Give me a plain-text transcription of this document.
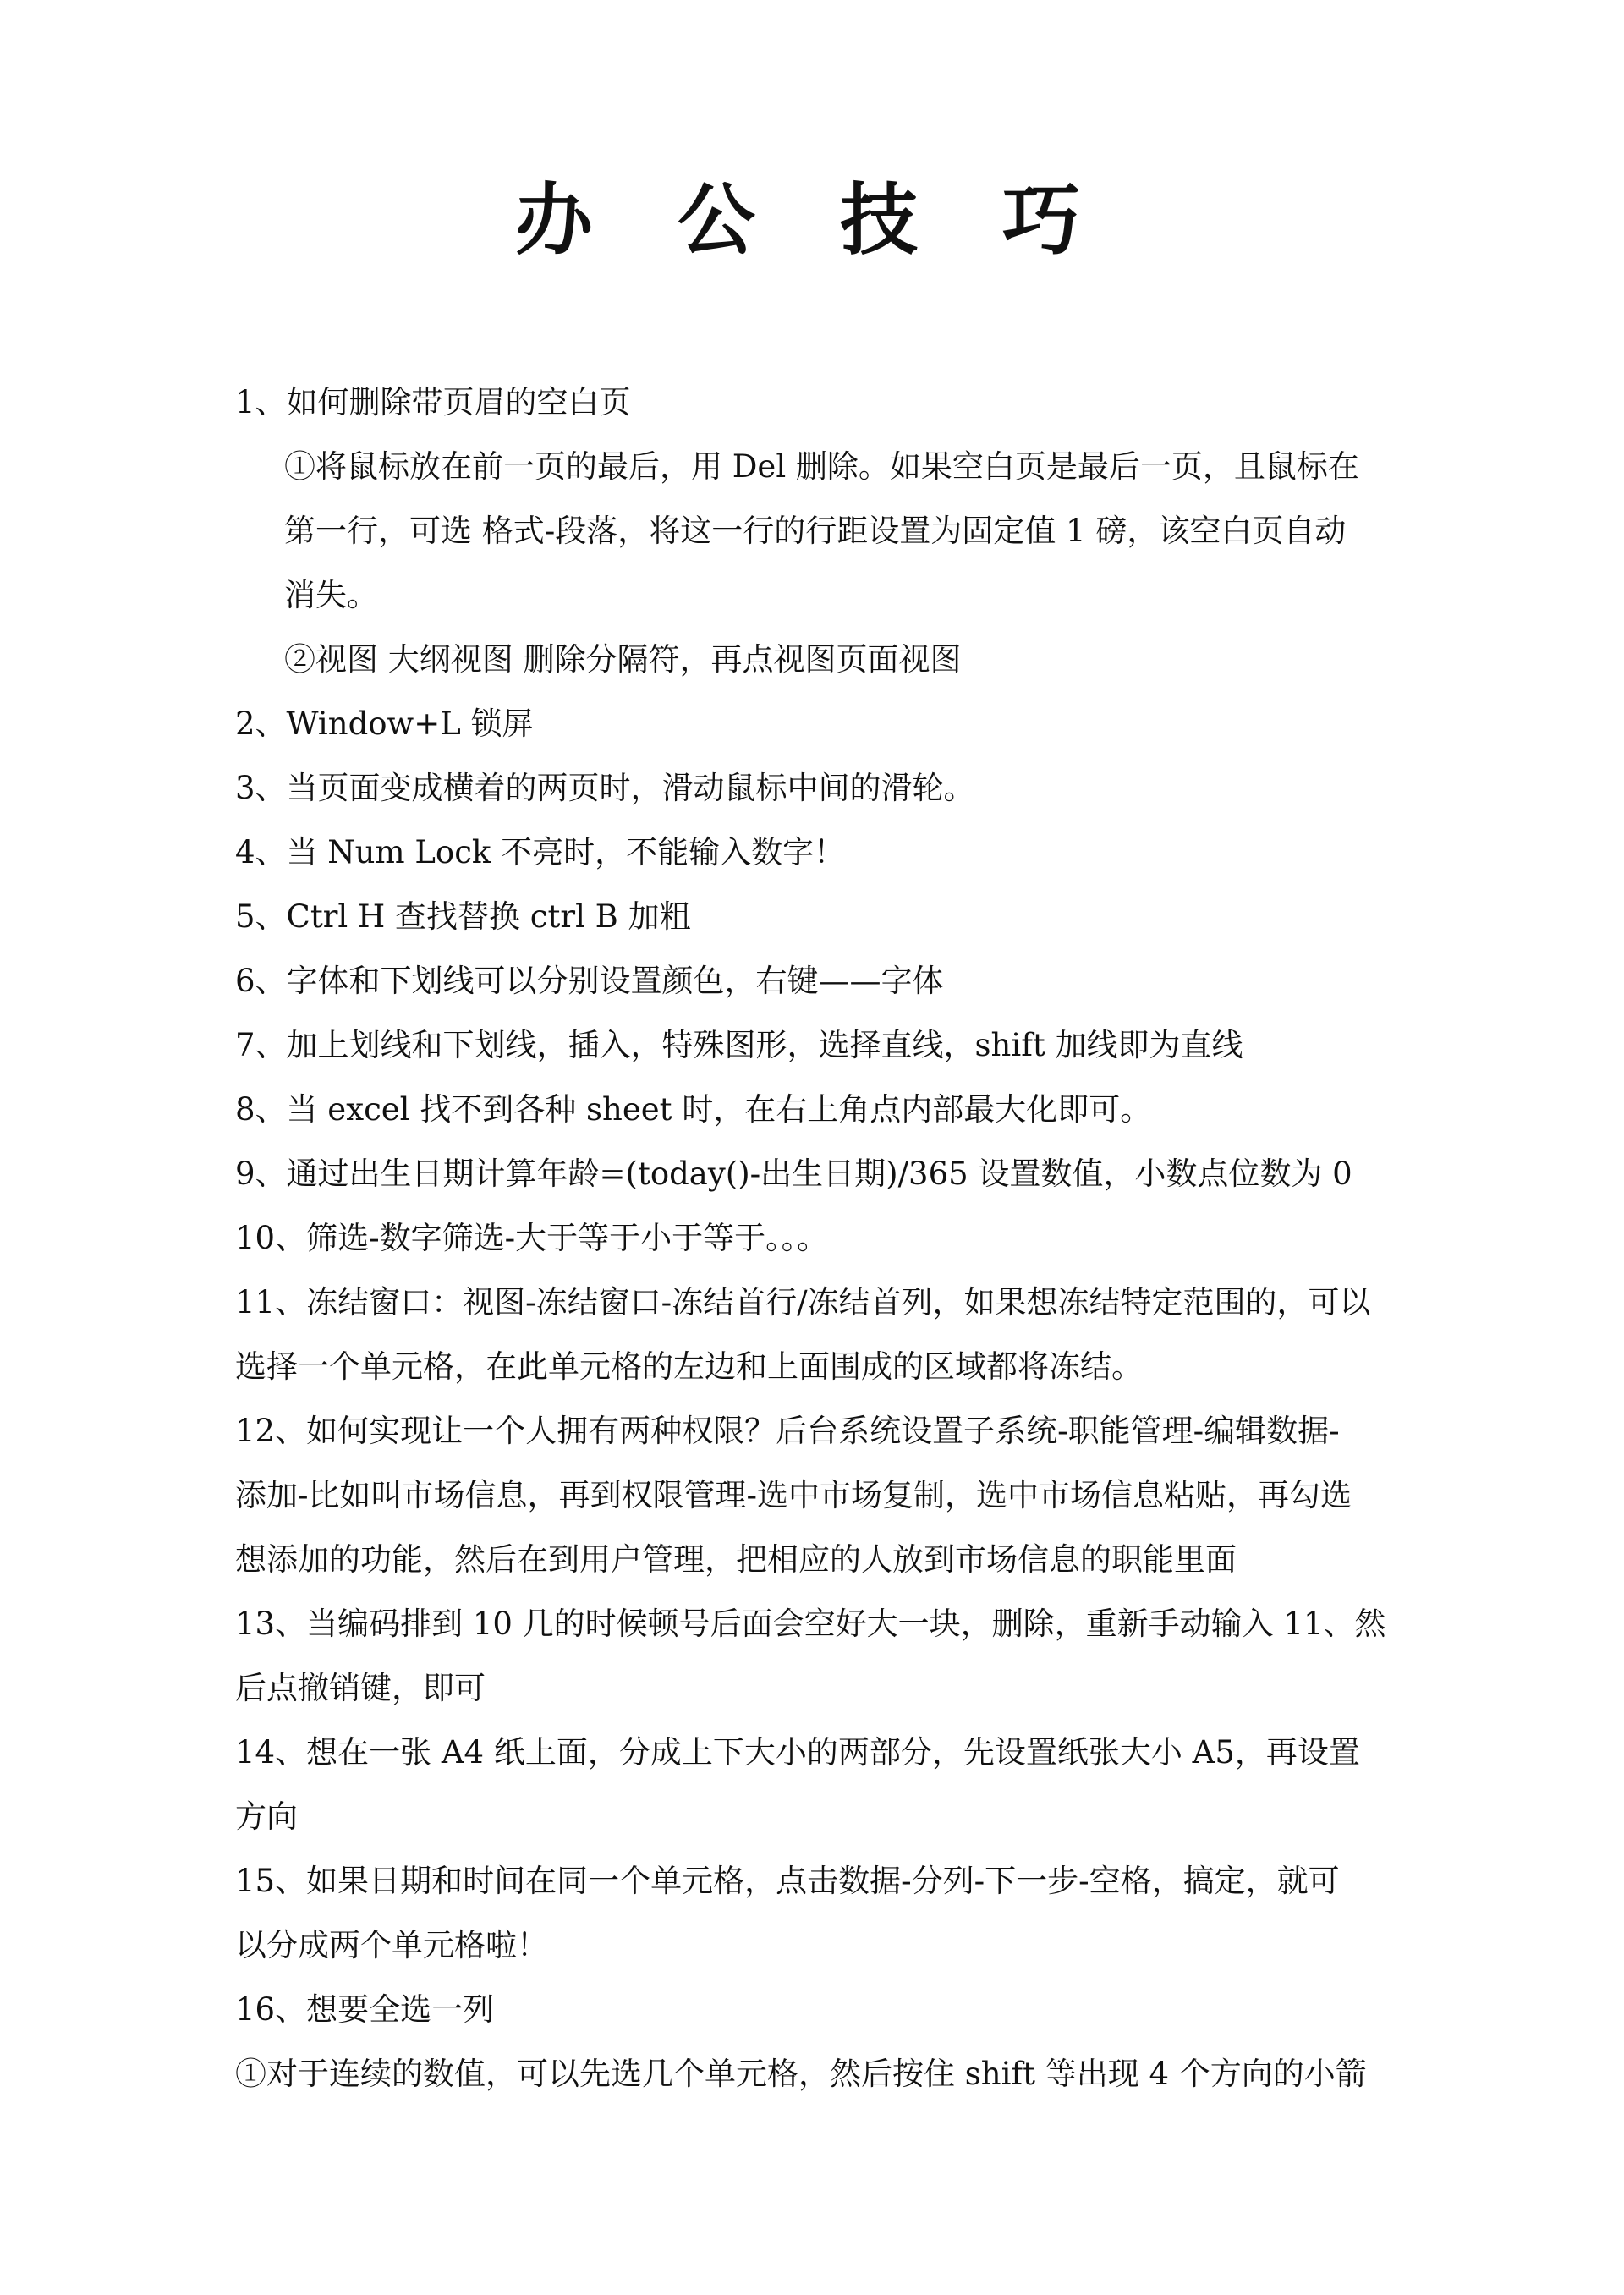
办 公 技 巧
1、如何删除带页眉的空白页
①将鼠标放在前一页的最后，用 Del 删除。如果空白页是最后一页，且鼠标在
第一行，可选 格式-段落，将这一行的行距设置为固定值 1 磅，该空白页自动
消失。
②视图 大纲视图 删除分隔符，再点视图页面视图
2、Window+L 锁屏
3、当页面变成横着的两页时，滑动鼠标中间的滑轮。
4、当 Num Lock 不亮时，不能输入数字！
5、Ctrl H 查找替换 ctrl B 加粗
6、字体和下划线可以分别设置颜色，右键——字体
7、加上划线和下划线，插入，特殊图形，选择直线，shift 加线即为直线
8、当 excel 找不到各种 sheet 时，在右上角点内部最大化即可。
9、通过出生日期计算年龄=(today()-出生日期)/365 设置数值，小数点位数为 0
10、筛选-数字筛选-大于等于小于等于。。。
11、冻结窗口：视图-冻结窗口-冻结首行/冻结首列，如果想冻结特定范围的，可以
选择一个单元格，在此单元格的左边和上面围成的区域都将冻结。
12、如何实现让一个人拥有两种权限？后台系统设置子系统-职能管理-编辑数据-
添加-比如叫市场信息，再到权限管理-选中市场复制，选中市场信息粘贴，再勾选
想添加的功能，然后在到用户管理，把相应的人放到市场信息的职能里面
13、当编码排到 10 几的时候顿号后面会空好大一块，删除，重新手动输入 11、然
后点撤销键，即可
14、想在一张 A4 纸上面，分成上下大小的两部分，先设置纸张大小 A5，再设置
方向
15、如果日期和时间在同一个单元格，点击数据-分列-下一步-空格，搞定，就可
以分成两个单元格啦！
16、想要全选一列
①对于连续的数值，可以先选几个单元格，然后按住 shift 等出现 4 个方向的小箭
